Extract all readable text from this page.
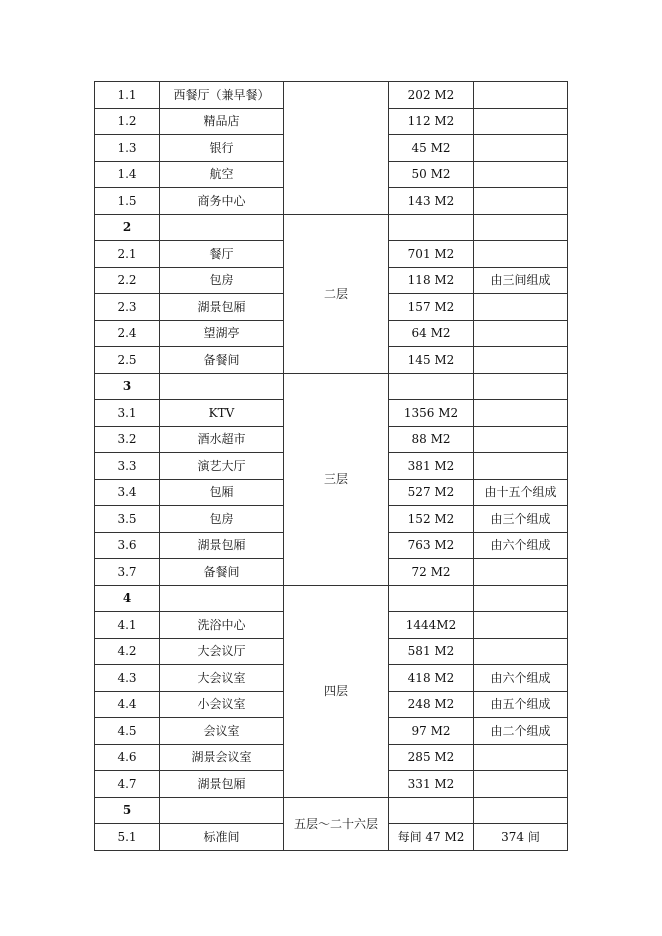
1.1	西餐厅（兼早餐）		202 M2	
1.2	精品店		112 M2	
1.3	银行		45 M2	
1.4	航空		50 M2	
1.5	商务中心		143 M2	
2		二层		
2.1	餐厅		701 M2	
2.2	包房		118 M2	由三间组成
2.3	湖景包厢		157 M2	
2.4	望湖亭		64 M2	
2.5	备餐间		145 M2	
3		三层		
3.1	KTV		1356 M2	
3.2	酒水超市		88 M2	
3.3	演艺大厅		381 M2	
3.4	包厢		527 M2	由十五个组成
3.5	包房		152 M2	由三个组成
3.6	湖景包厢		763 M2	由六个组成
3.7	备餐间		72 M2	
4		四层		
4.1	洗浴中心		1444M2	
4.2	大会议厅		581 M2	
4.3	大会议室		418 M2	由六个组成
4.4	小会议室		248 M2	由五个组成
4.5	会议室		97 M2	由二个组成
4.6	湖景会议室		285 M2	
4.7	湖景包厢		331 M2	
5		五层～二十六层		
5.1	标准间		每间 47 M2	374 间
